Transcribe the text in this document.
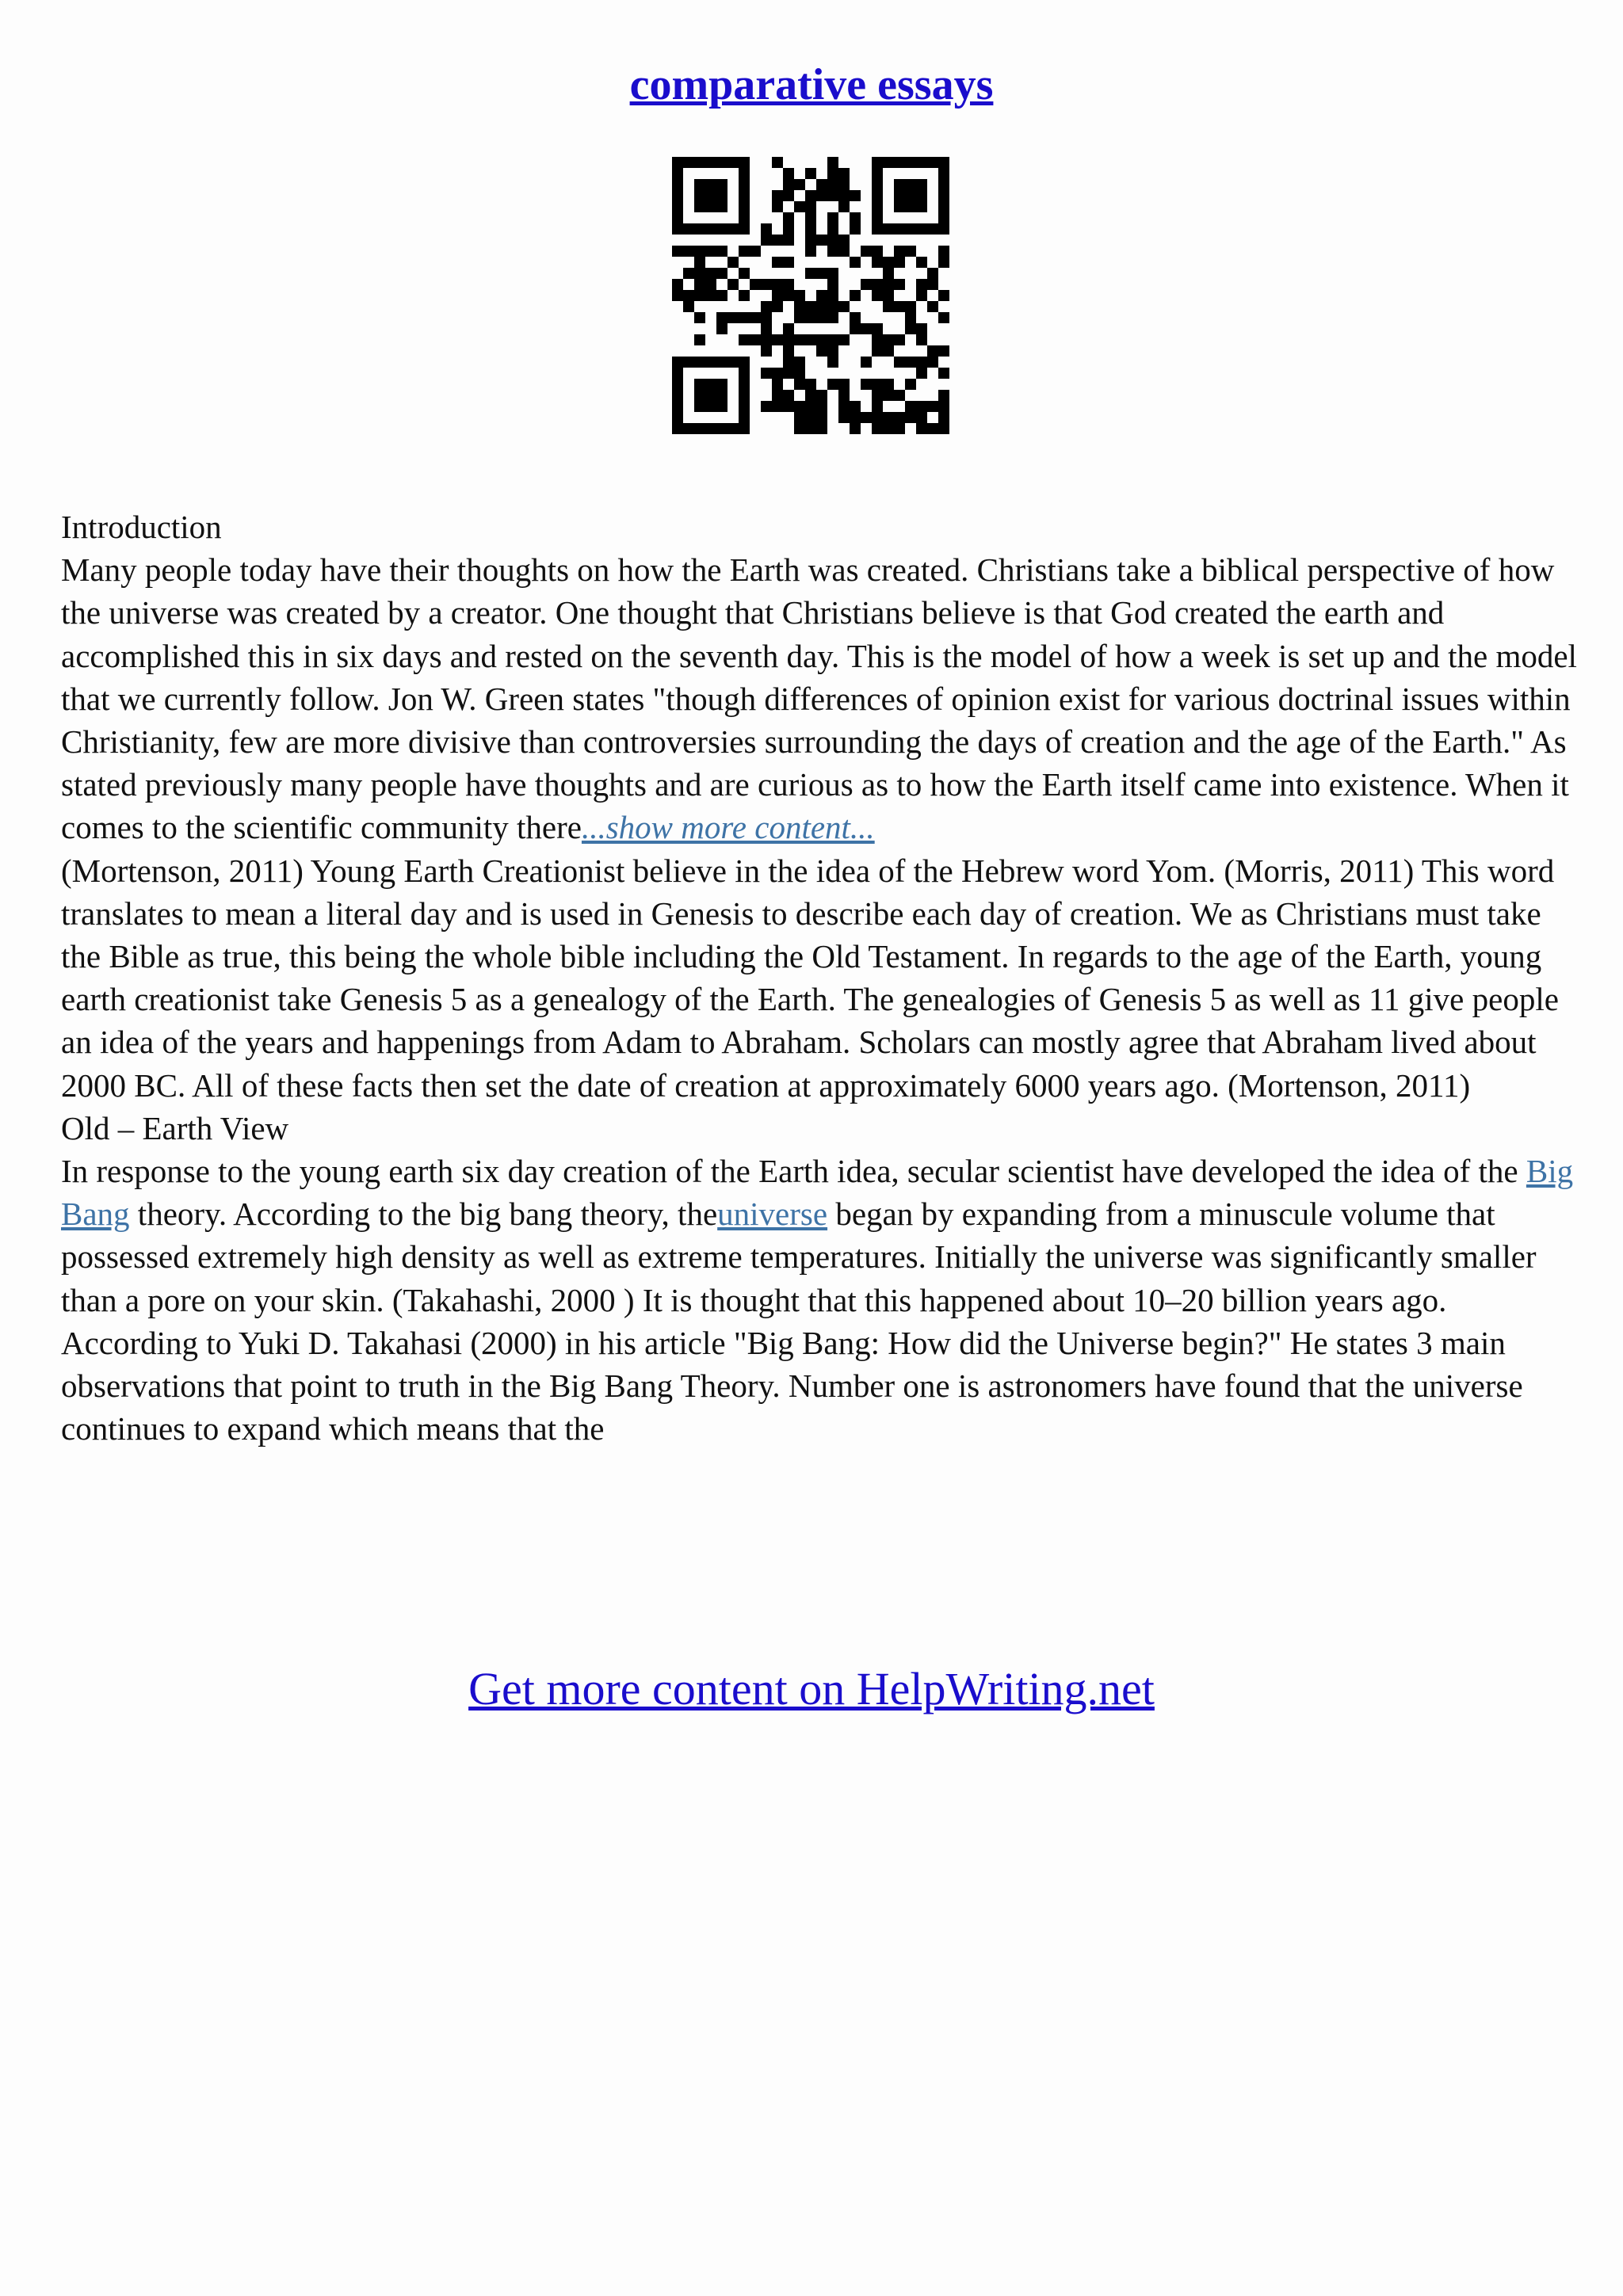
comparative essays

Introduction

Many people today have their thoughts on how the Earth was created. Christians take a biblical perspective of how the universe was created by a creator. One thought that Christians believe is that God created the earth and accomplished this in six days and rested on the seventh day. This is the model of how a week is set up and the model that we currently follow. Jon W. Green states "though differences of opinion exist for various doctrinal issues within Christianity, few are more divisive than controversies surrounding the days of creation and the age of the Earth." As stated previously many people have thoughts and are curious as to how the Earth itself came into existence. When it comes to the scientific community there...show more content...

(Mortenson, 2011) Young Earth Creationist believe in the idea of the Hebrew word Yom. (Morris, 2011) This word translates to mean a literal day and is used in Genesis to describe each day of creation. We as Christians must take the Bible as true, this being the whole bible including the Old Testament. In regards to the age of the Earth, young earth creationist take Genesis 5 as a genealogy of the Earth. The genealogies of Genesis 5 as well as 11 give people an idea of the years and happenings from Adam to Abraham. Scholars can mostly agree that Abraham lived about 2000 BC. All of these facts then set the date of creation at approximately 6000 years ago. (Mortenson, 2011)

Old – Earth View

In response to the young earth six day creation of the Earth idea, secular scientist have developed the idea of the Big Bang theory. According to the big bang theory, theuniverse began by expanding from a minuscule volume that possessed extremely high density as well as extreme temperatures. Initially the universe was significantly smaller than a pore on your skin. (Takahashi, 2000 ) It is thought that this happened about 10–20 billion years ago. According to Yuki D. Takahasi (2000) in his article "Big Bang: How did the Universe begin?" He states 3 main observations that point to truth in the Big Bang Theory. Number one is astronomers have found that the universe continues to expand which means that the

Get more content on HelpWriting.net
